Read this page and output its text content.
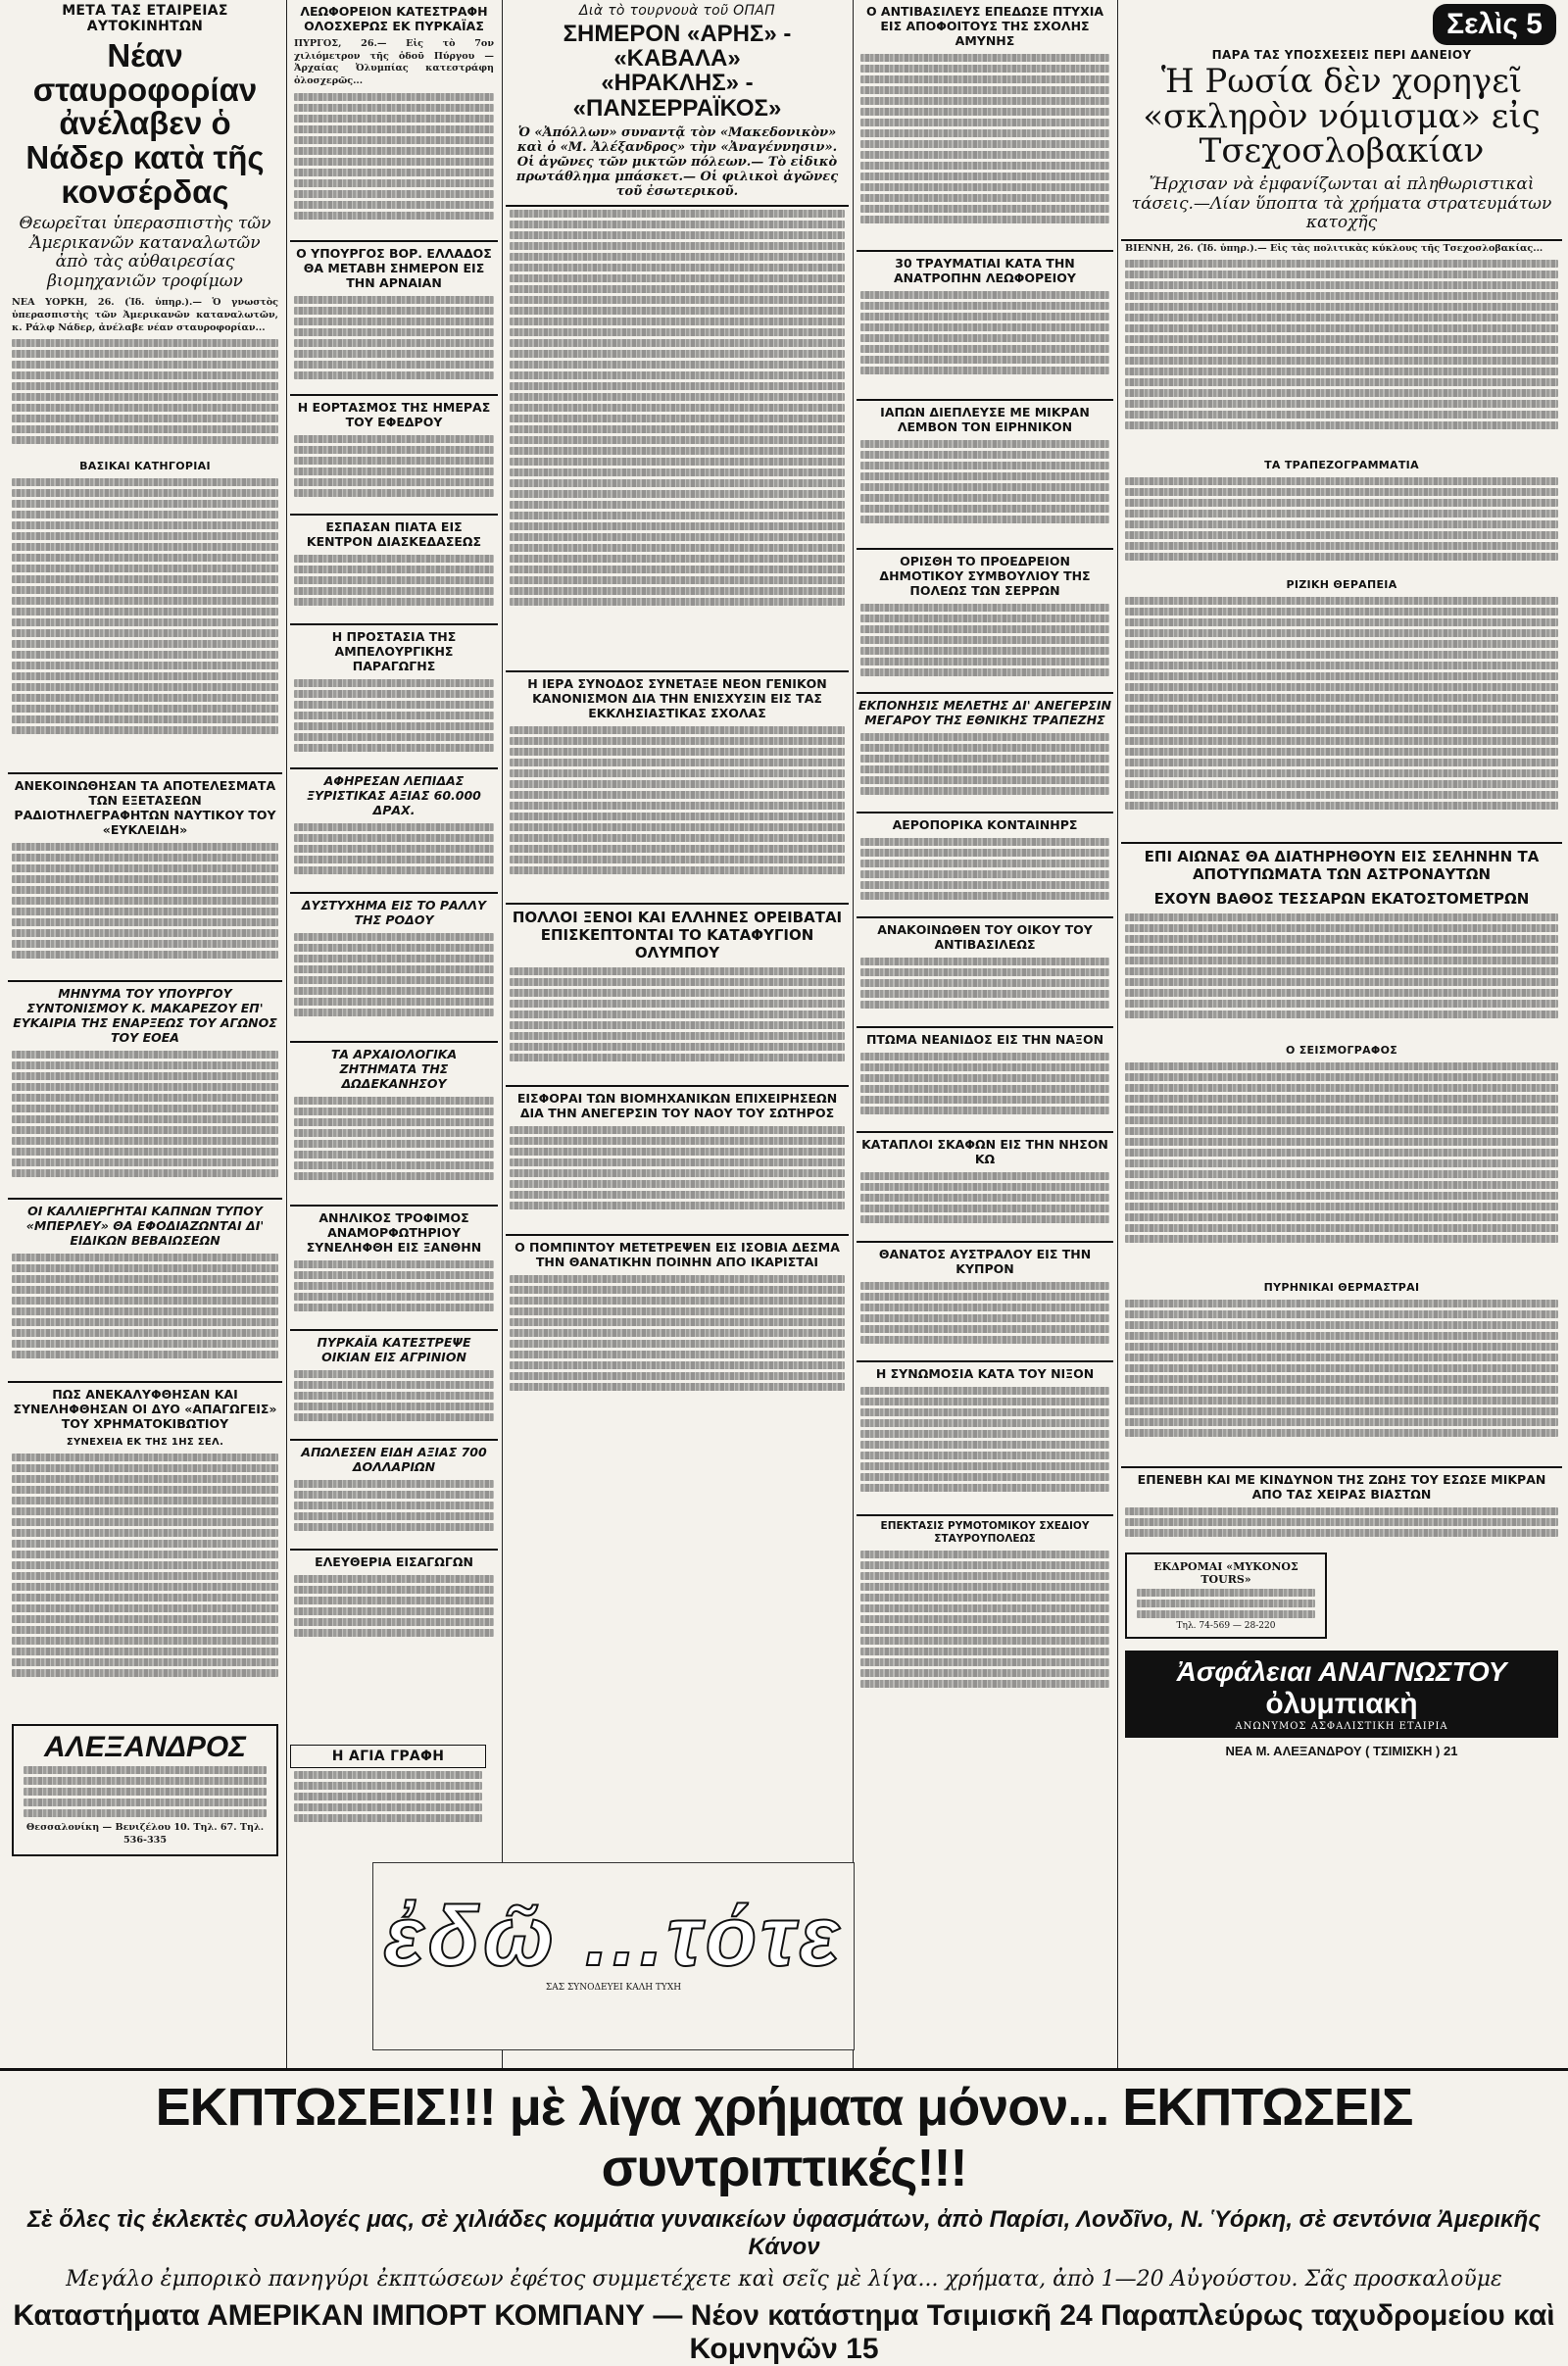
ΜΕΤΑ ΤΑΣ ΕΤΑΙΡΕΙΑΣ ΑΥΤΟΚΙΝΗΤΩΝ
Νέαν σταυροφορίαν ἀνέλαβεν ὁ Νάδερ κατὰ τῆς κονσέρδας
Θεωρεῖται ὑπερασπιστὴς τῶν Ἀμερικανῶν καταναλωτῶν ἀπὸ τὰς αὐθαιρεσίας βιομηχανιῶν τροφίμων
ΝΕΑ ΥΟΡΚΗ, 26. (Ἰδ. ὑπηρ.).— Ὁ γνωστὸς ὑπερασπιστὴς τῶν Ἀμερικανῶν καταναλωτῶν, κ. Ράλφ Νάδερ, ἀνέλαβε νέαν σταυροφορίαν...
ΒΑΣΙΚΑΙ ΚΑΤΗΓΟΡΙΑΙ
ΑΝΕΚΟΙΝΩΘΗΣΑΝ ΤΑ ΑΠΟΤΕΛΕΣΜΑΤΑ ΤΩΝ ΕΞΕΤΑΣΕΩΝ ΡΑΔΙΟΤΗΛΕΓΡΑΦΗΤΩΝ ΝΑΥΤΙΚΟΥ ΤΟΥ «ΕΥΚΛΕΙΔΗ»
ΜΗΝΥΜΑ ΤΟΥ ΥΠΟΥΡΓΟΥ ΣΥΝΤΟΝΙΣΜΟΥ Κ. ΜΑΚΑΡΕΖΟΥ ΕΠ' ΕΥΚΑΙΡΙΑ ΤΗΣ ΕΝΑΡΞΕΩΣ ΤΟΥ ΑΓΩΝΟΣ ΤΟΥ ΕΟΕΑ
ΟΙ ΚΑΛΛΙΕΡΓΗΤΑΙ ΚΑΠΝΩΝ ΤΥΠΟΥ «ΜΠΕΡΛΕΥ» ΘΑ ΕΦΟΔΙΑΖΩΝΤΑΙ ΔΙ' ΕΙΔΙΚΩΝ ΒΕΒΑΙΩΣΕΩΝ
ΠΩΣ ΑΝΕΚΑΛΥΦΘΗΣΑΝ ΚΑΙ ΣΥΝΕΛΗΦΘΗΣΑΝ ΟΙ ΔΥΟ «ΑΠΑΓΩΓΕΙΣ» ΤΟΥ ΧΡΗΜΑΤΟΚΙΒΩΤΙΟΥ
ΣΥΝΕΧΕΙΑ ΕΚ ΤΗΣ 1ΗΣ ΣΕΛ.
ΑΛΕΞΑΝΔΡΟΣ
Θεσσαλονίκη — Βενιζέλου 10. Τηλ. 67. Τηλ. 536-335
ΛΕΩΦΟΡΕΙΟΝ ΚΑΤΕΣΤΡΑΦΗ ΟΛΟΣΧΕΡΩΣ ΕΚ ΠΥΡΚΑΪΑΣ
ΠΥΡΓΟΣ, 26.— Εἰς τὸ 7ον χιλιόμετρον τῆς ὁδοῦ Πύργου — Ἀρχαίας Ὀλυμπίας κατεστράφη ὁλοσχερῶς...
Ο ΥΠΟΥΡΓΟΣ ΒΟΡ. ΕΛΛΑΔΟΣ ΘΑ ΜΕΤΑΒΗ ΣΗΜΕΡΟΝ ΕΙΣ ΤΗΝ ΑΡΝΑΙΑΝ
Η ΕΟΡΤΑΣΜΟΣ ΤΗΣ ΗΜΕΡΑΣ ΤΟΥ ΕΦΕΔΡΟΥ
ΕΣΠΑΣΑΝ ΠΙΑΤΑ ΕΙΣ ΚΕΝΤΡΟΝ ΔΙΑΣΚΕΔΑΣΕΩΣ
Η ΠΡΟΣΤΑΣΙΑ ΤΗΣ ΑΜΠΕΛΟΥΡΓΙΚΗΣ ΠΑΡΑΓΩΓΗΣ
ΑΦΗΡΕΣΑΝ ΛΕΠΙΔΑΣ ΞΥΡΙΣΤΙΚΑΣ ΑΞΙΑΣ 60.000 ΔΡΑΧ.
ΔΥΣΤΥΧΗΜΑ ΕΙΣ ΤΟ ΡΑΛΛΥ ΤΗΣ ΡΟΔΟΥ
ΤΑ ΑΡΧΑΙΟΛΟΓΙΚΑ ΖΗΤΗΜΑΤΑ ΤΗΣ ΔΩΔΕΚΑΝΗΣΟΥ
ΑΝΗΛΙΚΟΣ ΤΡΟΦΙΜΟΣ ΑΝΑΜΟΡΦΩΤΗΡΙΟΥ ΣΥΝΕΛΗΦΘΗ ΕΙΣ ΞΑΝΘΗΝ
ΠΥΡΚΑΪΑ ΚΑΤΕΣΤΡΕΨΕ ΟΙΚΙΑΝ ΕΙΣ ΑΓΡΙΝΙΟΝ
ΑΠΩΛΕΣΕΝ ΕΙΔΗ ΑΞΙΑΣ 700 ΔΟΛΛΑΡΙΩΝ
ΕΛΕΥΘΕΡΙΑ ΕΙΣΑΓΩΓΩΝ
Διὰ τὸ τουρνουὰ τοῦ ΟΠΑΠ
ΣΗΜΕΡΟΝ «ΑΡΗΣ» - «ΚΑΒΑΛΑ»
«ΗΡΑΚΛΗΣ» - «ΠΑΝΣΕΡΡΑΪΚΟΣ»
Ὁ «Ἀπόλλων» συναντᾷ τὸν «Μακεδονικὸν» καὶ ὁ «Μ. Ἀλέξανδρος» τὴν «Ἀναγέννησιν». Οἱ ἀγῶνες τῶν μικτῶν πόλεων.— Τὸ εἰδικὸ πρωτάθλημα μπάσκετ.— Οἱ φιλικοὶ ἀγῶνες τοῦ ἐσωτερικοῦ.
Η ΙΕΡΑ ΣΥΝΟΔΟΣ ΣΥΝΕΤΑΞΕ ΝΕΟΝ ΓΕΝΙΚΟΝ ΚΑΝΟΝΙΣΜΟΝ ΔΙΑ ΤΗΝ ΕΝΙΣΧΥΣΙΝ ΕΙΣ ΤΑΣ ΕΚΚΛΗΣΙΑΣΤΙΚΑΣ ΣΧΟΛΑΣ
ΠΟΛΛΟΙ ΞΕΝΟΙ ΚΑΙ ΕΛΛΗΝΕΣ ΟΡΕΙΒΑΤΑΙ ΕΠΙΣΚΕΠΤΟΝΤΑΙ ΤΟ ΚΑΤΑΦΥΓΙΟΝ ΟΛΥΜΠΟΥ
ΕΙΣΦΟΡΑΙ ΤΩΝ ΒΙΟΜΗΧΑΝΙΚΩΝ ΕΠΙΧΕΙΡΗΣΕΩΝ ΔΙΑ ΤΗΝ ΑΝΕΓΕΡΣΙΝ ΤΟΥ ΝΑΟΥ ΤΟΥ ΣΩΤΗΡΟΣ
Ο ΠΟΜΠΙΝΤΟΥ ΜΕΤΕΤΡΕΨΕΝ ΕΙΣ ΙΣΟΒΙΑ ΔΕΣΜΑ ΤΗΝ ΘΑΝΑΤΙΚΗΝ ΠΟΙΝΗΝ ΑΠΟ ΙΚΑΡΙΣΤΑΙ
Η ΑΓΙΑ ΓΡΑΦΗ
ἐδῶ ...τότε
ΣΑΣ ΣΥΝΟΔΕΥΕΙ ΚΑΛΗ ΤΥΧΗ
Ο ΑΝΤΙΒΑΣΙΛΕΥΣ ΕΠΕΔΩΣΕ ΠΤΥΧΙΑ ΕΙΣ ΑΠΟΦΟΙΤΟΥΣ ΤΗΣ ΣΧΟΛΗΣ ΑΜΥΝΗΣ
30 ΤΡΑΥΜΑΤΙΑΙ ΚΑΤΑ ΤΗΝ ΑΝΑΤΡΟΠΗΝ ΛΕΩΦΟΡΕΙΟΥ
ΙΑΠΩΝ ΔΙΕΠΛΕΥΣΕ ΜΕ ΜΙΚΡΑΝ ΛΕΜΒΟΝ ΤΟΝ ΕΙΡΗΝΙΚΟΝ
ΟΡΙΣΘΗ ΤΟ ΠΡΟΕΔΡΕΙΟΝ ΔΗΜΟΤΙΚΟΥ ΣΥΜΒΟΥΛΙΟΥ ΤΗΣ ΠΟΛΕΩΣ ΤΩΝ ΣΕΡΡΩΝ
ΕΚΠΟΝΗΣΙΣ ΜΕΛΕΤΗΣ ΔΙ' ΑΝΕΓΕΡΣΙΝ ΜΕΓΑΡΟΥ ΤΗΣ ΕΘΝΙΚΗΣ ΤΡΑΠΕΖΗΣ
ΑΕΡΟΠΟΡΙΚΑ ΚΟΝΤΑΙΝΗΡΣ
ΑΝΑΚΟΙΝΩΘΕΝ ΤΟΥ ΟΙΚΟΥ ΤΟΥ ΑΝΤΙΒΑΣΙΛΕΩΣ
ΠΤΩΜΑ ΝΕΑΝΙΔΟΣ ΕΙΣ ΤΗΝ ΝΑΞΟΝ
ΚΑΤΑΠΛΟΙ ΣΚΑΦΩΝ ΕΙΣ ΤΗΝ ΝΗΣΟΝ ΚΩ
ΘΑΝΑΤΟΣ ΑΥΣΤΡΑΛΟΥ ΕΙΣ ΤΗΝ ΚΥΠΡΟΝ
Η ΣΥΝΩΜΟΣΙΑ ΚΑΤΑ ΤΟΥ ΝΙΞΟΝ
ΕΠΕΚΤΑΣΙΣ ΡΥΜΟΤΟΜΙΚΟΥ ΣΧΕΔΙΟΥ ΣΤΑΥΡΟΥΠΟΛΕΩΣ
Σελὶς 5
ΠΑΡΑ ΤΑΣ ΥΠΟΣΧΕΣΕΙΣ ΠΕΡΙ ΔΑΝΕΙΟΥ
Ἡ Ρωσία δὲν χορηγεῖ «σκληρὸν νόμισμα» εἰς Τσεχοσλοβακίαν
Ἤρχισαν νὰ ἐμφανίζωνται αἱ πληθωριστικαὶ τάσεις.—Λίαν ὕποπτα τὰ χρήματα στρατευμάτων κατοχῆς
ΒΙΕΝΝΗ, 26. (Ἰδ. ὑπηρ.).— Εἰς τὰς πολιτικὰς κύκλους τῆς Τσεχοσλοβακίας...
ΤΑ ΤΡΑΠΕΖΟΓΡΑΜΜΑΤΙΑ
ΡΙΖΙΚΗ ΘΕΡΑΠΕΙΑ
ΕΠΙ ΑΙΩΝΑΣ ΘΑ ΔΙΑΤΗΡΗΘΟΥΝ ΕΙΣ ΣΕΛΗΝΗΝ ΤΑ ΑΠΟΤΥΠΩΜΑΤΑ ΤΩΝ ΑΣΤΡΟΝΑΥΤΩΝ
ΕΧΟΥΝ ΒΑΘΟΣ ΤΕΣΣΑΡΩΝ ΕΚΑΤΟΣΤΟΜΕΤΡΩΝ
Ο ΣΕΙΣΜΟΓΡΑΦΟΣ
ΠΥΡΗΝΙΚΑΙ ΘΕΡΜΑΣΤΡΑΙ
ΕΠΕΝΕΒΗ ΚΑΙ ΜΕ ΚΙΝΔΥΝΟΝ ΤΗΣ ΖΩΗΣ ΤΟΥ ΕΣΩΣΕ ΜΙΚΡΑΝ ΑΠΟ ΤΑΣ ΧΕΙΡΑΣ ΒΙΑΣΤΩΝ
ΕΚΔΡΟΜΑΙ «ΜΥΚΟΝΟΣ TOURS»
Τηλ. 74-569 — 28-220
Ἀσφάλειαι ΑΝΑΓΝΩΣΤΟΥ
ὀλυμπιακὴ
ΑΝΩΝΥΜΟΣ ΑΣΦΑΛΙΣΤΙΚΗ ΕΤΑΙΡΙΑ
ΝΕΑ Μ. ΑΛΕΞΑΝΔΡΟΥ ( ΤΣΙΜΙΣΚΗ ) 21
ΕΚΠΤΩΣΕΙΣ!!! μὲ λίγα χρήματα μόνον... ΕΚΠΤΩΣΕΙΣ συντριπτικές!!!
Σὲ ὅλες τὶς ἐκλεκτὲς συλλογές μας, σὲ χιλιάδες κομμάτια γυναικείων ὑφασμάτων, ἀπὸ Παρίσι, Λονδῖνο, Ν. Ὑόρκη, σὲ σεντόνια Ἀμερικῆς Κάνον
Μεγάλο ἐμπορικὸ πανηγύρι ἐκπτώσεων ἐφέτος συμμετέχετε καὶ σεῖς μὲ λίγα... χρήματα, ἀπὸ 1—20 Αὐγούστου. Σᾶς προσκαλοῦμε
Καταστήματα ΑΜΕΡΙΚΑΝ ΙΜΠΟΡΤ ΚΟΜΠΑΝΥ — Νέον κατάστημα Τσιμισκῆ 24 Παραπλεύρως ταχυδρομείου καὶ Κομνηνῶν 15
